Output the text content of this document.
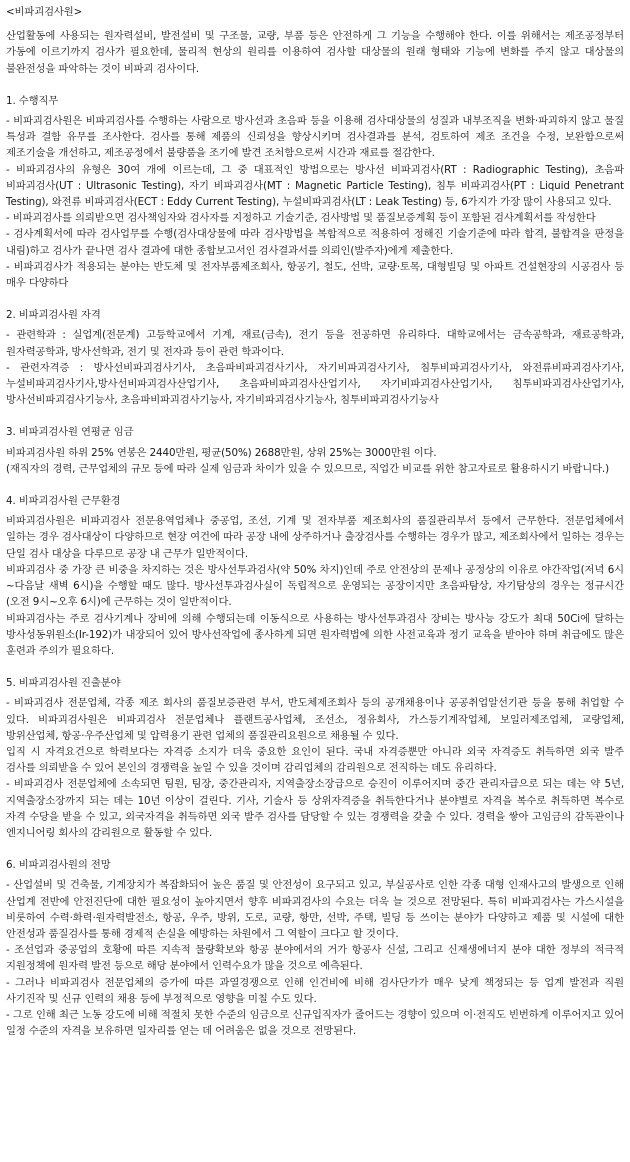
<비파괴검사원>

산업활동에 사용되는 원자력설비, 발전설비 및 구조물, 교량, 부품 등은 안전하게 그 기능을 수행해야 한다. 이를 위해서는 제조공정부터 가동에 이르기까지 검사가 필요한데, 물리적 현상의 원리를 이용하여 검사할 대상물의 원래 형태와 기능에 변화를 주지 않고 대상물의 불완전성을 파악하는 것이 비파괴 검사이다.

1. 수행직무

- 비파괴검사원은 비파괴검사를 수행하는 사람으로 방사선과 초음파 등을 이용해 검사대상물의 성질과 내부조직을 변화·파괴하지 않고 물질 특성과 결함 유무를 조사한다. 검사를 통해 제품의 신뢰성을 향상시키며 검사결과를 분석, 검토하여 제조 조건을 수정, 보완함으로써 제조기술을 개선하고, 제조공정에서 불량품을 조기에 발견 조처함으로써 시간과 재료를 절감한다.

- 비파괴검사의 유형은 30여 개에 이르는데, 그 중 대표적인 방법으로는 방사선 비파괴검사(RT : Radiographic Testing), 초음파 비파괴검사(UT : Ultrasonic Testing), 자기 비파괴검사(MT : Magnetic Particle Testing), 침투 비파괴검사(PT : Liquid Penetrant Testing), 와전류 비파괴검사(ECT : Eddy Current Testing), 누설비파괴검사(LT : Leak Testing) 등, 6가지가 가장 많이 사용되고 있다.

- 비파괴검사를 의뢰받으면 검사책임자와 검사자를 지정하고 기술기준, 검사방법 및 품질보증계획 등이 포함된 검사계획서를 작성한다

- 검사계획서에 따라 검사업무를 수행(검사대상물에 따라 검사방법을 복합적으로 적용하여 정해진 기술기준에 따라 합격, 불합격을 판정을 내림)하고 검사가 끝나면 검사 결과에 대한 종합보고서인 검사결과서를 의뢰인(발주자)에게 제출한다.

- 비파괴검사가 적용되는 분야는 반도체 및 전자부품제조회사, 항공기, 철도, 선박, 교량·토목, 대형빌딩 및 아파트 건설현장의 시공검사 등 매우 다양하다

2. 비파괴검사원 자격

- 관련학과 : 실업계(전문계) 고등학교에서 기계, 재료(금속), 전기 등을 전공하면 유리하다. 대학교에서는 금속공학과, 재료공학과, 원자력공학과, 방사선학과, 전기 및 전자과 등이 관련 학과이다.

- 관련자격증 : 방사선비파괴검사기사, 초음파비파괴검사기사, 자기비파괴검사기사, 침투비파괴검사기사, 와전류비파괴검사기사, 누설비파괴검사기사,방사선비파괴검사산업기사, 초음파비파괴검사산업기사, 자기비파괴검사산업기사, 침투비파괴검사산업기사, 방사선비파괴검사기능사, 초음파비파괴검사기능사, 자기비파괴검사기능사, 침투비파괴검사기능사

3. 비파괴검사원 연평균 임금

비파괴검사원 하위 25% 연봉은 2440만원, 평균(50%) 2688만원, 상위 25%는 3000만원 이다.

(재직자의 경력, 근무업체의 규모 등에 따라 실제 임금과 차이가 있을 수 있으므로, 직업간 비교를 위한 참고자료로 활용하시기 바랍니다.)

4. 비파괴검사원 근무환경

비파괴검사원은 비파괴검사 전문용역업체나 중공업, 조선, 기계 및 전자부품 제조회사의 품질관리부서 등에서 근무한다. 전문업체에서 일하는 경우 검사대상이 다양하므로 현장 여건에 따라 공장 내에 상주하거나 출장검사를 수행하는 경우가 많고, 제조회사에서 일하는 경우는 단일 검사 대상을 다루므로 공장 내 근무가 일반적이다.

비파괴검사 중 가장 큰 비중을 차지하는 것은 방사선투과검사(약 50% 차지)인데 주로 안전상의 문제나 공정상의 이유로 야간작업(저녁 6시~다음날 새벽 6시)을 수행할 때도 많다. 방사선투과검사실이 독립적으로 운영되는 공장이지만 초음파탐상, 자기탐상의 경우는 정규시간(오전 9시~오후 6시)에 근무하는 것이 일반적이다.

비파괴검사는 주로 검사기계나 장비에 의해 수행되는데 이동식으로 사용하는 방사선투과검사 장비는 방사능 강도가 최대 50Ci에 달하는 방사성동위원소(Ir-192)가 내장되어 있어 방사선작업에 종사하게 되면 원자력법에 의한 사전교육과 정기 교육을 받아야 하며 취급에도 많은 훈련과 주의가 필요하다.

5. 비파괴검사원 진출분야

- 비파괴검사 전문업체, 각종 제조 회사의 품질보증관련 부서, 반도체제조회사 등의 공개채용이나 공공취업알선기관 등을 통해 취업할 수 있다. 비파괴검사원은 비파괴검사 전문업체나 플랜트공사업체, 조선소, 정유회사, 가스등기계작업체, 보일러제조업체, 교량업체, 방위산업체, 항공·우주산업체 및 압력용기 관련 업체의 품질관리요원으로 채용될 수 있다.

입직 시 자격요건으로 학력보다는 자격증 소지가 더욱 중요한 요인이 된다. 국내 자격증뿐만 아니라 외국 자격증도 취득하면 외국 발주 검사를 의뢰받을 수 있어 본인의 경쟁력을 높일 수 있을 것이며 감리업체의 감리원으로 전직하는 데도 유리하다.

- 비파괴검사 전문업체에 소속되면 팀원, 팀장, 중간관리자, 지역출장소장급으로 승진이 이루어지며 중간 관리자급으로 되는 데는 약 5년, 지역출장소장까지 되는 데는 10년 이상이 걸린다. 기사, 기술사 등 상위자격증을 취득한다거나 분야별로 자격을 복수로 취득하면 복수로 자격 수당을 받을 수 있고, 외국자격을 취득하면 외국 발주 검사를 담당할 수 있는 경쟁력을 갖출 수 있다. 경력을 쌓아 고임금의 감독관이나 엔지니어링 회사의 감리원으로 활동할 수 있다.

6. 비파괴검사원의 전망

- 산업설비 및 건축물, 기계장치가 복잡화되어 높은 품질 및 안전성이 요구되고 있고, 부실공사로 인한 각종 대형 인재사고의 발생으로 인해 산업계 전반에 안전진단에 대한 필요성이 높아지면서 향후 비파괴검사의 수요는 더욱 늘 것으로 전망된다. 특히 비파괴검사는 가스시설을 비롯하여 수력·화력·원자력발전소, 항공, 우주, 방위, 도로, 교량, 항만, 선박, 주택, 빌딩 등 쓰이는 분야가 다양하고 제품 및 시설에 대한 안전성과 품질검사를 통해 경제적 손실을 예방하는 차원에서 그 역할이 크다고 할 것이다.

- 조선업과 중공업의 호황에 따른 지속적 물량확보와 항공 분야에서의 거가 항공사 신설, 그리고 신재생에너지 분야 대한 정부의 적극적 지원정책에 원자력 발전 등으로 해당 분야에서 인력수요가 많을 것으로 예측된다.

- 그러나 비파괴검사 전문업체의 증가에 따른 과열경쟁으로 인해 인건비에 비해 검사단가가 매우 낮게 책정되는 등 업계 발전과 직원 사기진작 및 신규 인력의 채용 등에 부정적으로 영향을 미칠 수도 있다.

- 그로 인해 최근 노동 강도에 비해 적절치 못한 수준의 임금으로 신규입직자가 줄어드는 경향이 있으며 이·전직도 빈번하게 이루어지고 있어 일정 수준의 자격을 보유하면 일자리를 얻는 데 어려움은 없을 것으로 전망된다.
